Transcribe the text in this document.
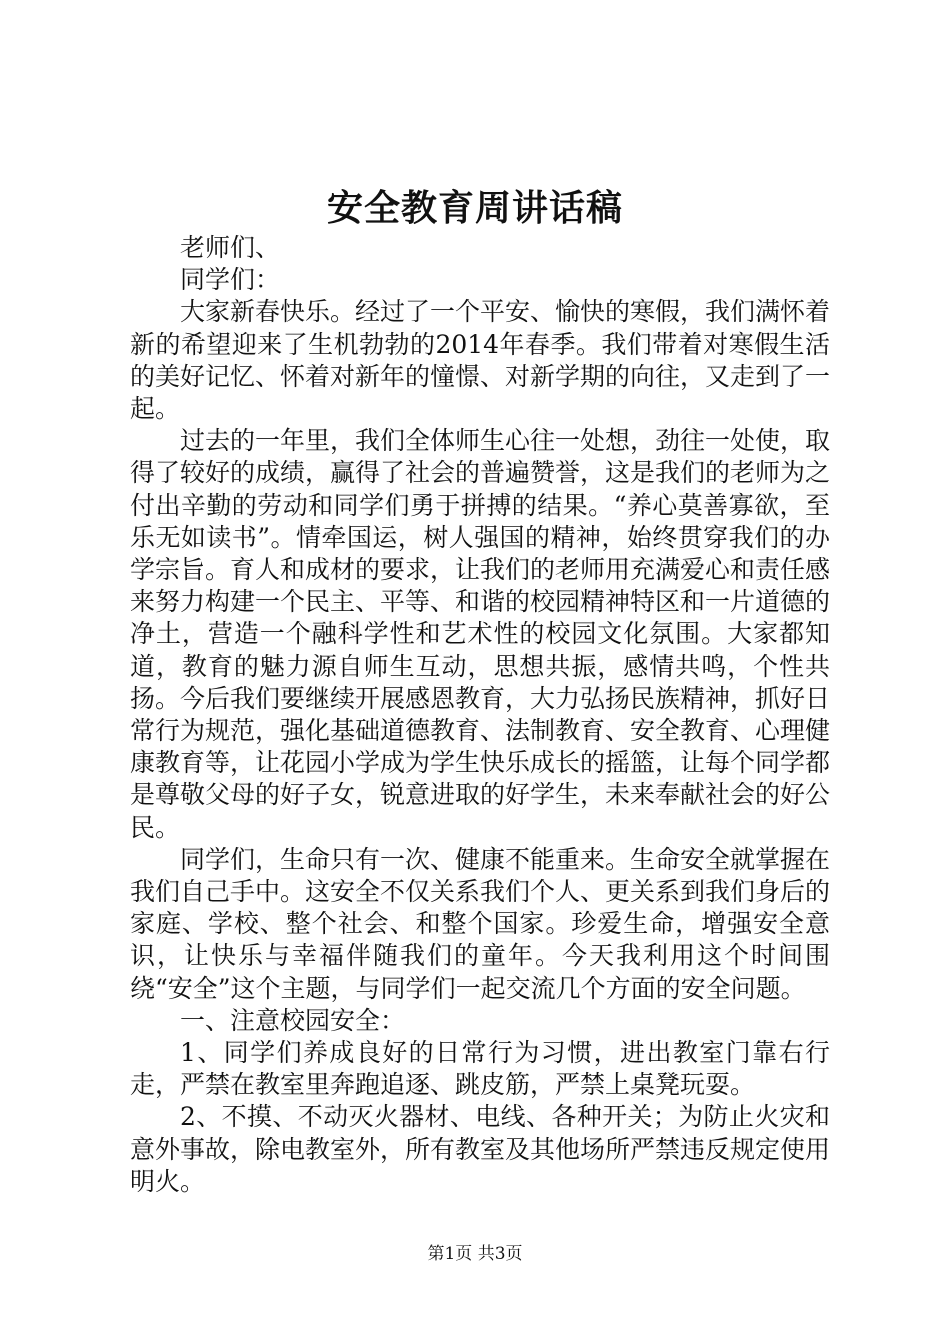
安全教育周讲话稿

老师们、

同学们：

大家新春快乐。经过了一个平安、愉快的寒假，我们满怀着新的希望迎来了生机勃勃的2014年春季。我们带着对寒假生活的美好记忆、怀着对新年的憧憬、对新学期的向往，又走到了一起。

过去的一年里，我们全体师生心往一处想，劲往一处使，取得了较好的成绩，赢得了社会的普遍赞誉，这是我们的老师为之付出辛勤的劳动和同学们勇于拼搏的结果。“养心莫善寡欲，至乐无如读书”。情牵国运，树人强国的精神，始终贯穿我们的办学宗旨。育人和成材的要求，让我们的老师用充满爱心和责任感来努力构建一个民主、平等、和谐的校园精神特区和一片道德的净土，营造一个融科学性和艺术性的校园文化氛围。大家都知道，教育的魅力源自师生互动，思想共振，感情共鸣，个性共扬。今后我们要继续开展感恩教育，大力弘扬民族精神，抓好日常行为规范，强化基础道德教育、法制教育、安全教育、心理健康教育等，让花园小学成为学生快乐成长的摇篮，让每个同学都是尊敬父母的好子女，锐意进取的好学生，未来奉献社会的好公民。

同学们，生命只有一次、健康不能重来。生命安全就掌握在我们自己手中。这安全不仅关系我们个人、更关系到我们身后的家庭、学校、整个社会、和整个国家。珍爱生命，增强安全意识，让快乐与幸福伴随我们的童年。今天我利用这个时间围绕“安全”这个主题，与同学们一起交流几个方面的安全问题。

一、注意校园安全：

1、同学们养成良好的日常行为习惯，进出教室门靠右行走，严禁在教室里奔跑追逐、跳皮筋，严禁上桌凳玩耍。

2、不摸、不动灭火器材、电线、各种开关；为防止火灾和意外事故，除电教室外，所有教室及其他场所严禁违反规定使用明火。

第1页 共3页
